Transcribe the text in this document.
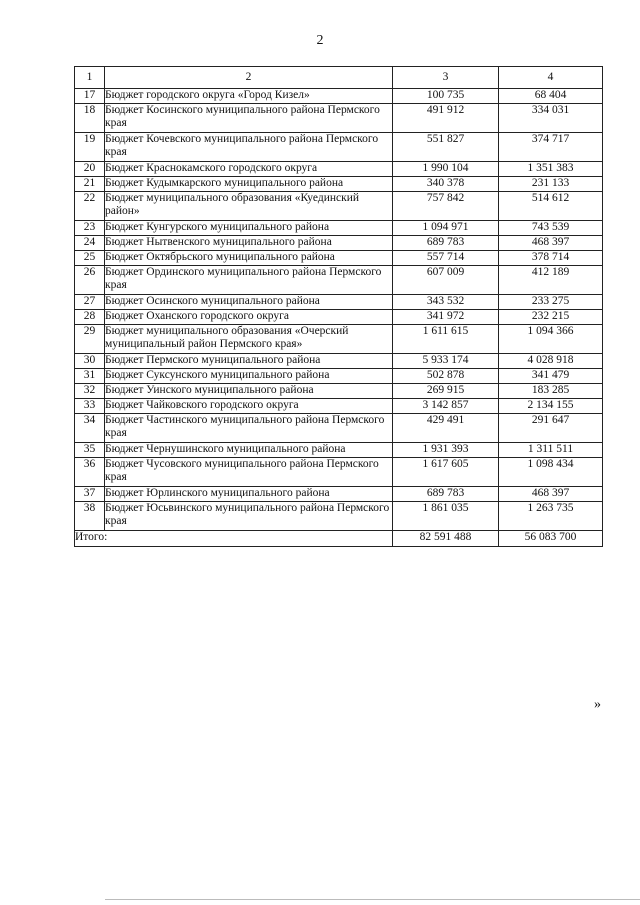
2
1	2	3	4
17	Бюджет городского округа «Город Кизел»	100 735	68 404
18	Бюджет Косинского муниципального района Пермского края	491 912	334 031
19	Бюджет Кочевского муниципального района Пермского края	551 827	374 717
20	Бюджет Краснокамского городского округа	1 990 104	1 351 383
21	Бюджет Кудымкарского муниципального района	340 378	231 133
22	Бюджет муниципального образования «Куединский район»	757 842	514 612
23	Бюджет Кунгурского муниципального района	1 094 971	743 539
24	Бюджет Нытвенского муниципального района	689 783	468 397
25	Бюджет Октябрьского муниципального района	557 714	378 714
26	Бюджет Ординского муниципального района Пермского края	607 009	412 189
27	Бюджет Осинского муниципального района	343 532	233 275
28	Бюджет Оханского городского округа	341 972	232 215
29	Бюджет муниципального образования «Очерский муниципальный район Пермского края»	1 611 615	1 094 366
30	Бюджет Пермского муниципального района	5 933 174	4 028 918
31	Бюджет Суксунского муниципального района	502 878	341 479
32	Бюджет Уинского муниципального района	269 915	183 285
33	Бюджет Чайковского городского округа	3 142 857	2 134 155
34	Бюджет Частинского муниципального района Пермского края	429 491	291 647
35	Бюджет Чернушинского муниципального района	1 931 393	1 311 511
36	Бюджет Чусовского муниципального района Пермского края	1 617 605	1 098 434
37	Бюджет Юрлинского муниципального района	689 783	468 397
38	Бюджет Юсьвинского муниципального района Пермского края	1 861 035	1 263 735
Итого:		82 591 488	56 083 700
»
